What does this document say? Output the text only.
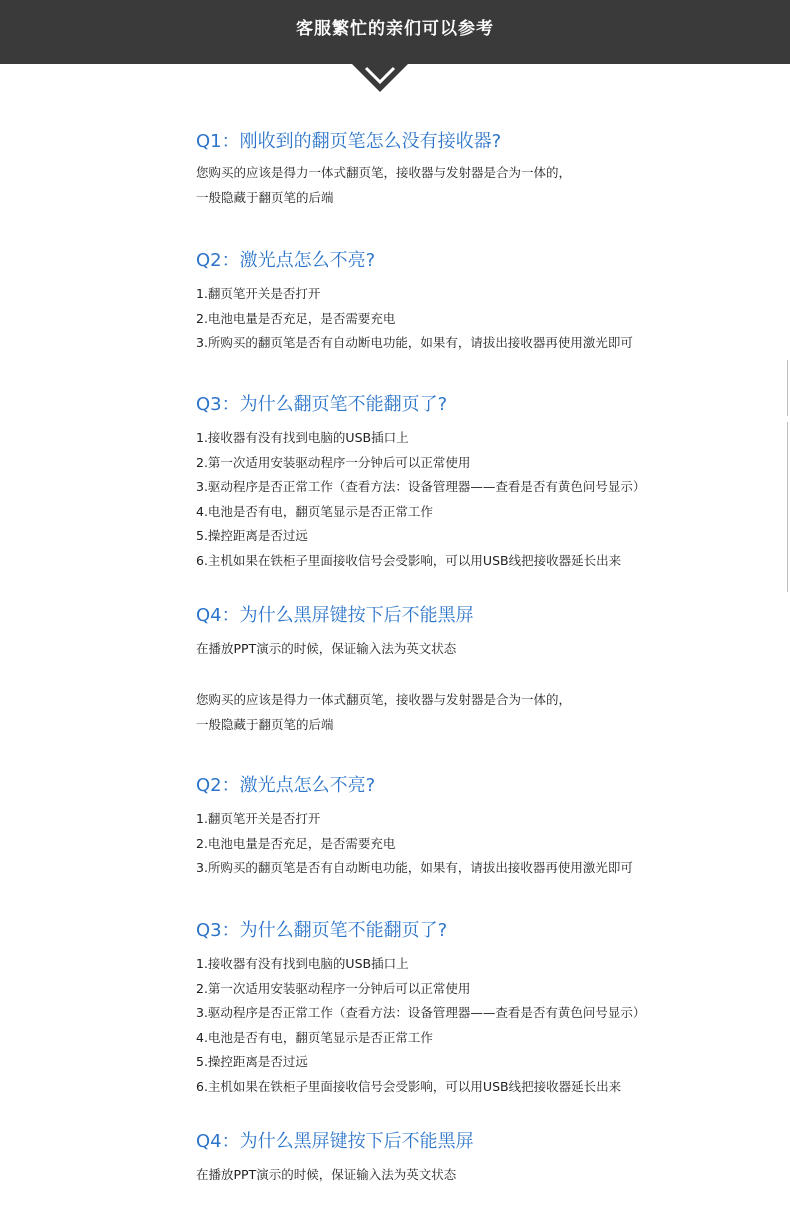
客服繁忙的亲们可以参考
Q1：刚收到的翻页笔怎么没有接收器?
您购买的应该是得力一体式翻页笔，接收器与发射器是合为一体的，
一般隐藏于翻页笔的后端
Q2：激光点怎么不亮?
1.翻页笔开关是否打开
2.电池电量是否充足，是否需要充电
3.所购买的翻页笔是否有自动断电功能，如果有，请拔出接收器再使用激光即可
Q3：为什么翻页笔不能翻页了?
1.接收器有没有找到电脑的USB插口上
2.第一次适用安装驱动程序一分钟后可以正常使用
3.驱动程序是否正常工作（查看方法：设备管理器——查看是否有黄色问号显示）
4.电池是否有电，翻页笔显示是否正常工作
5.操控距离是否过远
6.主机如果在铁柜子里面接收信号会受影响，可以用USB线把接收器延长出来
Q4：为什么黑屏键按下后不能黑屏
在播放PPT演示的时候，保证输入法为英文状态
您购买的应该是得力一体式翻页笔，接收器与发射器是合为一体的，
一般隐藏于翻页笔的后端
Q2：激光点怎么不亮?
1.翻页笔开关是否打开
2.电池电量是否充足，是否需要充电
3.所购买的翻页笔是否有自动断电功能，如果有，请拔出接收器再使用激光即可
Q3：为什么翻页笔不能翻页了?
1.接收器有没有找到电脑的USB插口上
2.第一次适用安装驱动程序一分钟后可以正常使用
3.驱动程序是否正常工作（查看方法：设备管理器——查看是否有黄色问号显示）
4.电池是否有电，翻页笔显示是否正常工作
5.操控距离是否过远
6.主机如果在铁柜子里面接收信号会受影响，可以用USB线把接收器延长出来
Q4：为什么黑屏键按下后不能黑屏
在播放PPT演示的时候，保证输入法为英文状态
